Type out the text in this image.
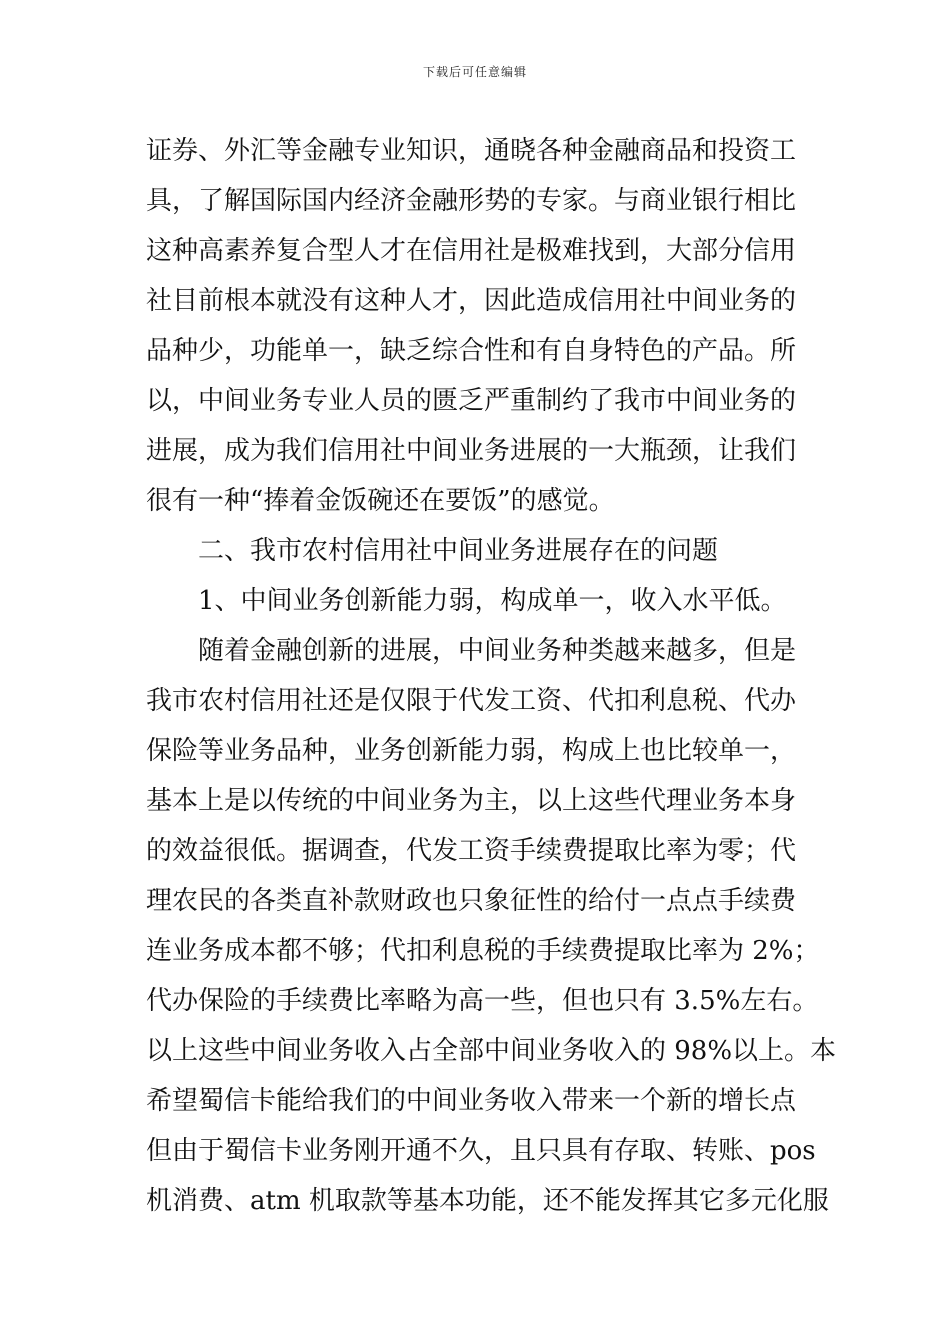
下载后可任意编辑
证券、外汇等金融专业知识，通晓各种金融商品和投资工
具，了解国际国内经济金融形势的专家。与商业银行相比
这种高素养复合型人才在信用社是极难找到，大部分信用
社目前根本就没有这种人才，因此造成信用社中间业务的
品种少，功能单一，缺乏综合性和有自身特色的产品。所
以，中间业务专业人员的匮乏严重制约了我市中间业务的
进展，成为我们信用社中间业务进展的一大瓶颈，让我们
很有一种“捧着金饭碗还在要饭”的感觉。
二、我市农村信用社中间业务进展存在的问题
1、中间业务创新能力弱，构成单一，收入水平低。
随着金融创新的进展，中间业务种类越来越多，但是
我市农村信用社还是仅限于代发工资、代扣利息税、代办
保险等业务品种，业务创新能力弱，构成上也比较单一，
基本上是以传统的中间业务为主，以上这些代理业务本身
的效益很低。据调查，代发工资手续费提取比率为零；代
理农民的各类直补款财政也只象征性的给付一点点手续费
连业务成本都不够；代扣利息税的手续费提取比率为 2%；
代办保险的手续费比率略为高一些，但也只有 3.5%左右。
以上这些中间业务收入占全部中间业务收入的 98%以上。本
希望蜀信卡能给我们的中间业务收入带来一个新的增长点
但由于蜀信卡业务刚开通不久，且只具有存取、转账、pos
机消费、atm 机取款等基本功能，还不能发挥其它多元化服
